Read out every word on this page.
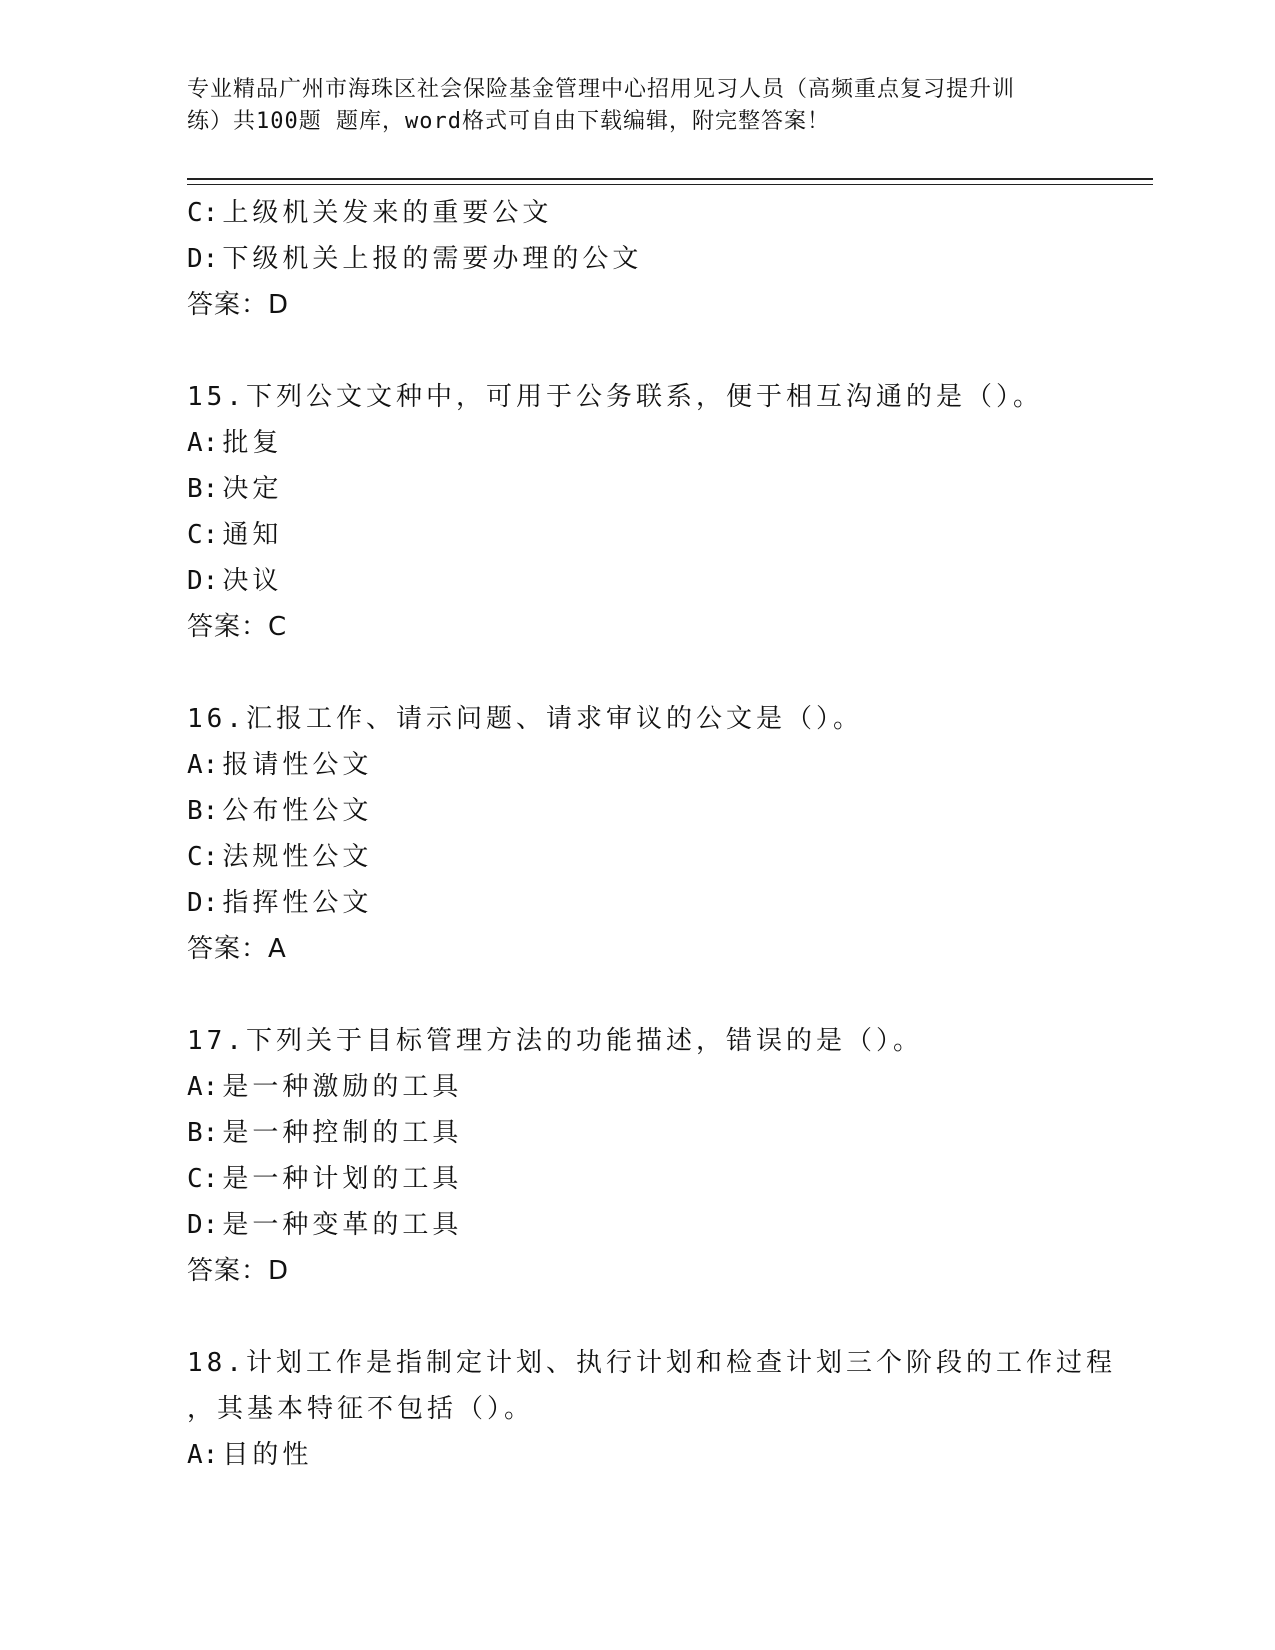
专业精品广州市海珠区社会保险基金管理中心招用见习人员（高频重点复习提升训
练）共100题 题库，word格式可自由下载编辑，附完整答案！
C: 上级机关发来的重要公文
D: 下级机关上报的需要办理的公文
答案：D
15.下列公文文种中，可用于公务联系，便于相互沟通的是（）。
A: 批复
B: 决定
C: 通知
D: 决议
答案：C
16.汇报工作、请示问题、请求审议的公文是（）。
A: 报请性公文
B: 公布性公文
C: 法规性公文
D: 指挥性公文
答案：A
17.下列关于目标管理方法的功能描述，错误的是（）。
A: 是一种激励的工具
B: 是一种控制的工具
C: 是一种计划的工具
D: 是一种变革的工具
答案：D
18.计划工作是指制定计划、执行计划和检查计划三个阶段的工作过程
，其基本特征不包括（）。
A: 目的性
